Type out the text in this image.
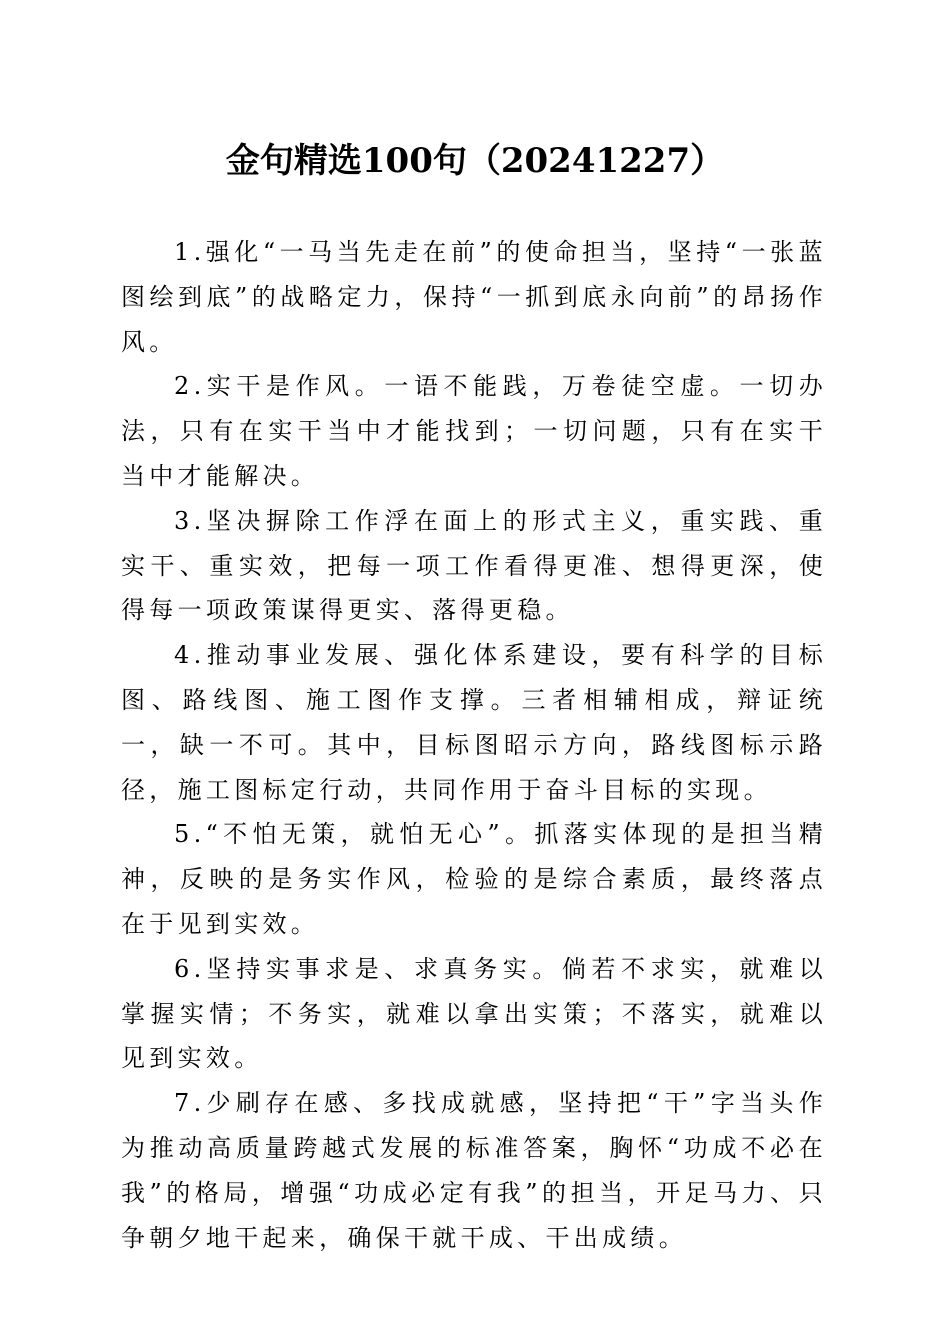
金句精选100句（20241227）

1.强化“一马当先走在前”的使命担当，坚持“一张蓝图绘到底”的战略定力，保持“一抓到底永向前”的昂扬作风。

2.实干是作风。一语不能践，万卷徒空虚。一切办法，只有在实干当中才能找到；一切问题，只有在实干当中才能解决。

3.坚决摒除工作浮在面上的形式主义，重实践、重实干、重实效，把每一项工作看得更准、想得更深，使得每一项政策谋得更实、落得更稳。

4.推动事业发展、强化体系建设，要有科学的目标图、路线图、施工图作支撑。三者相辅相成，辩证统一，缺一不可。其中，目标图昭示方向，路线图标示路径，施工图标定行动，共同作用于奋斗目标的实现。

5.“不怕无策，就怕无心”。抓落实体现的是担当精神，反映的是务实作风，检验的是综合素质，最终落点在于见到实效。

6.坚持实事求是、求真务实。倘若不求实，就难以掌握实情；不务实，就难以拿出实策；不落实，就难以见到实效。

7.少刷存在感、多找成就感，坚持把“干”字当头作为推动高质量跨越式发展的标准答案，胸怀“功成不必在我”的格局，增强“功成必定有我”的担当，开足马力、只争朝夕地干起来，确保干就干成、干出成绩。
